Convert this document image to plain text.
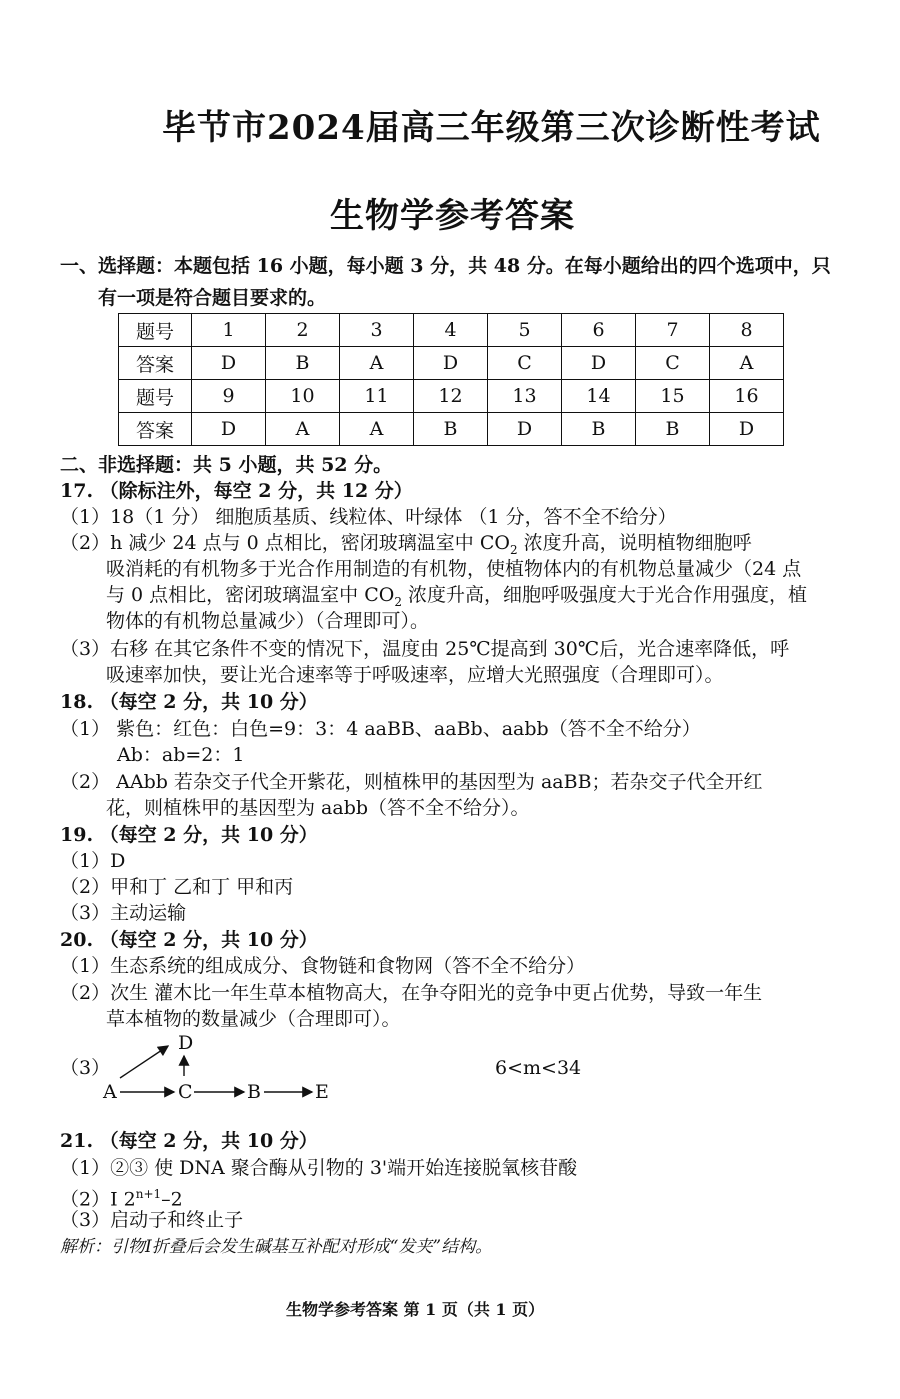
毕节市2024届高三年级第三次诊断性考试
生物学参考答案
一、选择题：本题包括 16 小题，每小题 3 分，共 48 分。在每小题给出的四个选项中，只
有一项是符合题目要求的。
题号	1	2	3	4	5	6	7	8
答案	D	B	A	D	C	D	C	A
题号	9	10	11	12	13	14	15	16
答案	D	A	A	B	D	B	B	D
二、非选择题：共 5 小题，共 52 分。
17. （除标注外，每空 2 分，共 12 分）
（1）18（1 分） 细胞质基质、线粒体、叶绿体 （1 分，答不全不给分）
（2）h 减少 24 点与 0 点相比，密闭玻璃温室中 $CO_2$ 浓度升高，说明植物细胞呼
吸消耗的有机物多于光合作用制造的有机物，使植物体内的有机物总量减少（24 点
与 0 点相比，密闭玻璃温室中 $CO_2$ 浓度升高，细胞呼吸强度大于光合作用强度，植
物体的有机物总量减少）（合理即可）。
（3）右移 在其它条件不变的情况下，温度由 25℃提高到 30℃后，光合速率降低，呼
吸速率加快，要让光合速率等于呼吸速率，应增大光照强度（合理即可）。
18. （每空 2 分，共 10 分）
（1） 紫色：红色：白色=9：3：4 aaBB、aaBb、aabb（答不全不给分）
Ab：ab=2：1
（2） AAbb 若杂交子代全开紫花，则植株甲的基因型为 aaBB；若杂交子代全开红
花，则植株甲的基因型为 aabb（答不全不给分）。
19. （每空 2 分，共 10 分）
（1）D
（2）甲和丁 乙和丁 甲和丙
（3）主动运输
20. （每空 2 分，共 10 分）
（1）生态系统的组成成分、食物链和食物网（答不全不给分）
（2）次生 灌木比一年生草本植物高大，在争夺阳光的竞争中更占优势，导致一年生
草本植物的数量减少（合理即可）。
（3）
A	C	B	E
D
6<m<34
21. （每空 2 分，共 10 分）
（1）②③ 使 DNA 聚合酶从引物的 3'端开始连接脱氧核苷酸
（2）Ⅰ $2^{n+1}-2$
（3）启动子和终止子
解析：引物Ⅰ折叠后会发生碱基互补配对形成“发夹”结构。
生物学参考答案 第 1 页（共 1 页）
